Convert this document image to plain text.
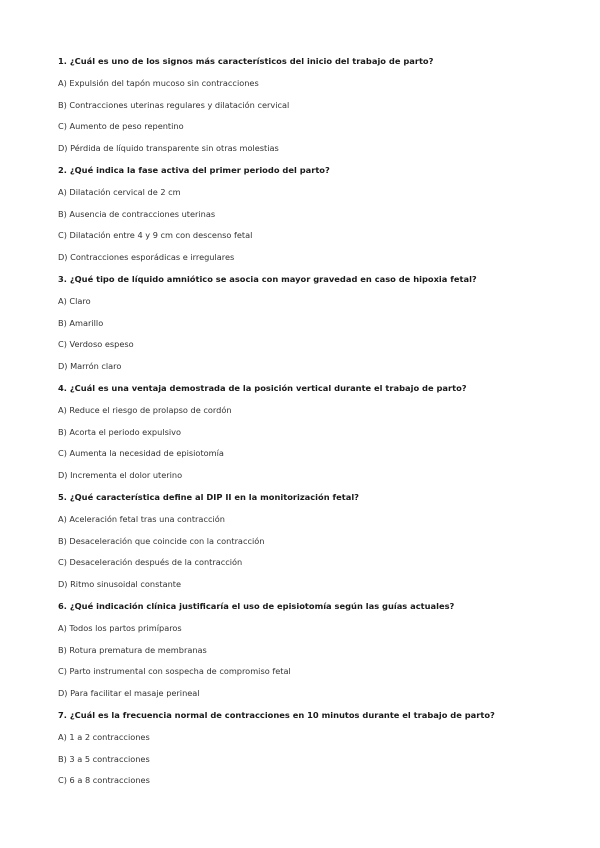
1. ¿Cuál es uno de los signos más característicos del inicio del trabajo de parto?
A) Expulsión del tapón mucoso sin contracciones
B) Contracciones uterinas regulares y dilatación cervical
C) Aumento de peso repentino
D) Pérdida de líquido transparente sin otras molestias
2. ¿Qué indica la fase activa del primer periodo del parto?
A) Dilatación cervical de 2 cm
B) Ausencia de contracciones uterinas
C) Dilatación entre 4 y 9 cm con descenso fetal
D) Contracciones esporádicas e irregulares
3. ¿Qué tipo de líquido amniótico se asocia con mayor gravedad en caso de hipoxia fetal?
A) Claro
B) Amarillo
C) Verdoso espeso
D) Marrón claro
4. ¿Cuál es una ventaja demostrada de la posición vertical durante el trabajo de parto?
A) Reduce el riesgo de prolapso de cordón
B) Acorta el periodo expulsivo
C) Aumenta la necesidad de episiotomía
D) Incrementa el dolor uterino
5. ¿Qué característica define al DIP II en la monitorización fetal?
A) Aceleración fetal tras una contracción
B) Desaceleración que coincide con la contracción
C) Desaceleración después de la contracción
D) Ritmo sinusoidal constante
6. ¿Qué indicación clínica justificaría el uso de episiotomía según las guías actuales?
A) Todos los partos primíparos
B) Rotura prematura de membranas
C) Parto instrumental con sospecha de compromiso fetal
D) Para facilitar el masaje perineal
7. ¿Cuál es la frecuencia normal de contracciones en 10 minutos durante el trabajo de parto?
A) 1 a 2 contracciones
B) 3 a 5 contracciones
C) 6 a 8 contracciones
